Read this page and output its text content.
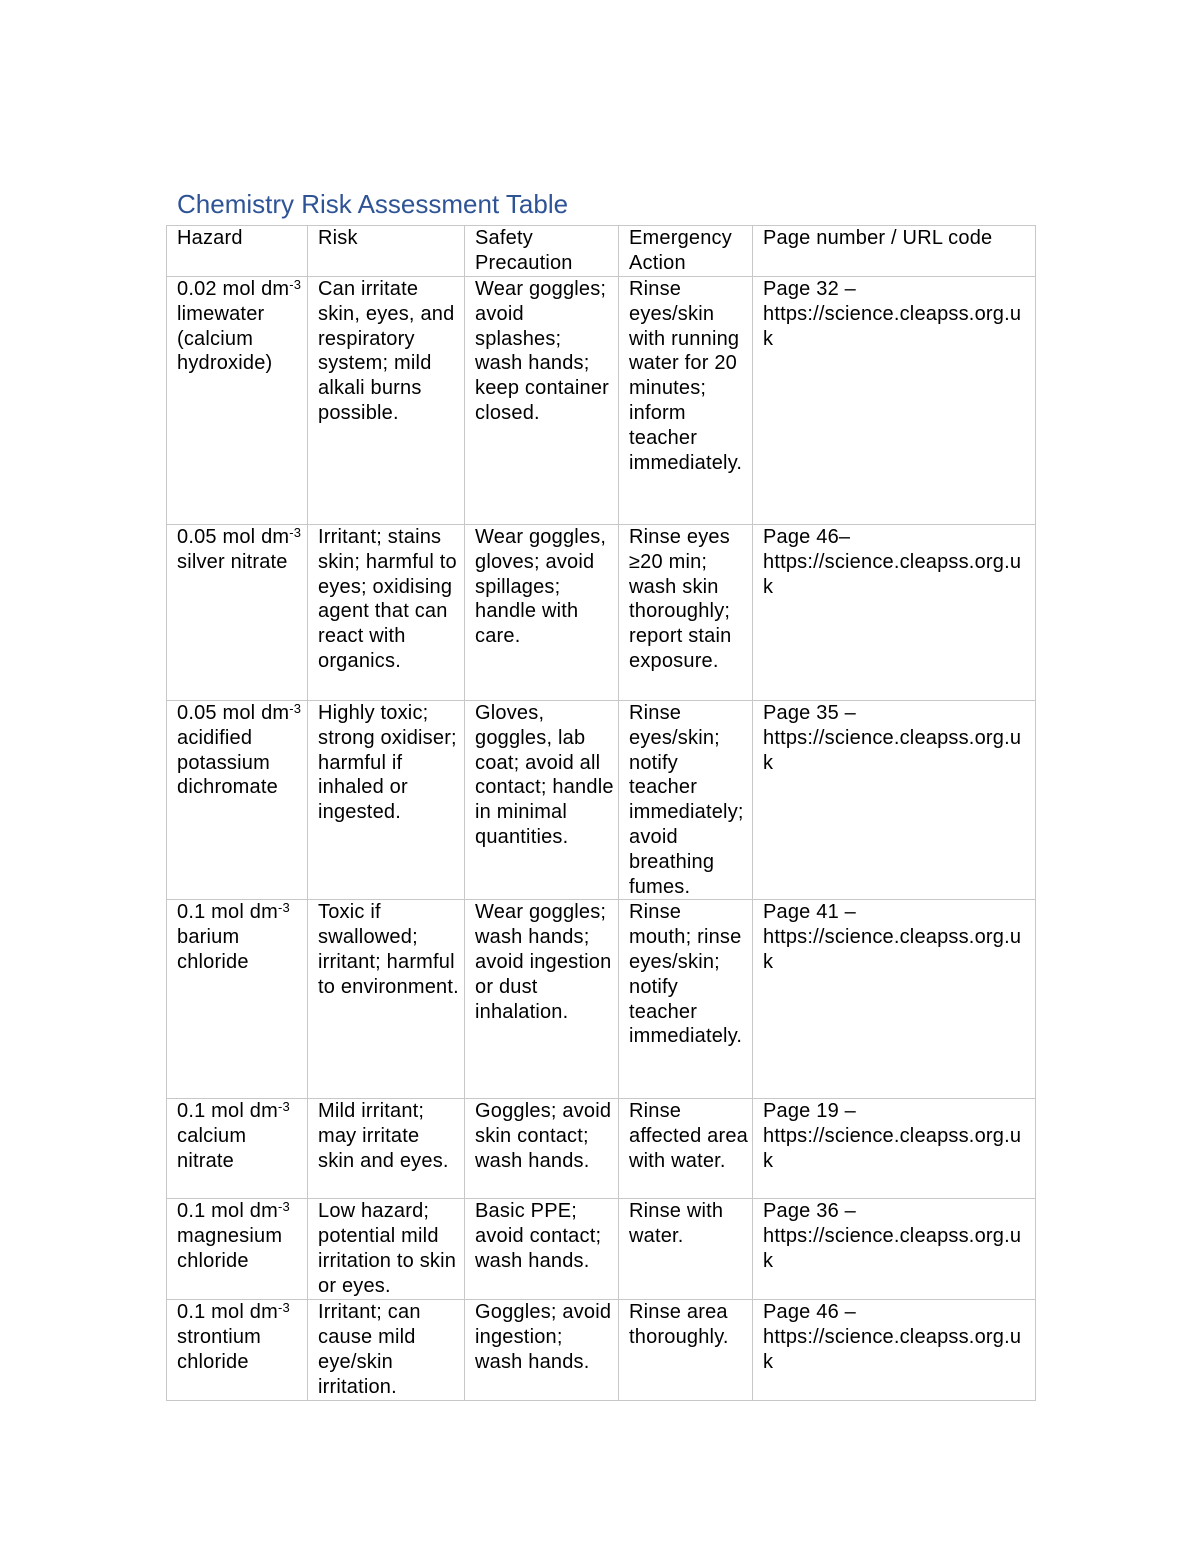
Chemistry Risk Assessment Table
Hazard	Risk	Safety Precaution	Emergency Action	Page number / URL code

0.02 mol $dm^{-3}$ limewater (calcium hydroxide)	Can irritate skin, eyes, and respiratory system; mild alkali burns possible.	Wear goggles; avoid splashes; wash hands; keep container closed.	Rinse eyes/skin with running water for 20 minutes; inform teacher immediately.	Page 32 – https://science.cleapss.org.uk

0.05 mol $dm^{-3}$ silver nitrate	Irritant; stains skin; harmful to eyes; oxidising agent that can react with organics.	Wear goggles, gloves; avoid spillages; handle with care.	Rinse eyes ≥20 min; wash skin thoroughly; report stain exposure.	Page 46– https://science.cleapss.org.uk

0.05 mol $dm^{-3}$ acidified potassium dichromate	Highly toxic; strong oxidiser; harmful if inhaled or ingested.	Gloves, goggles, lab coat; avoid all contact; handle in minimal quantities.	Rinse eyes/skin; notify teacher immediately; avoid breathing fumes.	Page 35 – https://science.cleapss.org.uk

0.1 mol $dm^{-3}$ barium chloride	Toxic if swallowed; irritant; harmful to environment.	Wear goggles; wash hands; avoid ingestion or dust inhalation.	Rinse mouth; rinse eyes/skin; notify teacher immediately.	Page 41 – https://science.cleapss.org.uk

0.1 mol $dm^{-3}$ calcium nitrate	Mild irritant; may irritate skin and eyes.	Goggles; avoid skin contact; wash hands.	Rinse affected area with water.	Page 19 – https://science.cleapss.org.uk

0.1 mol $dm^{-3}$ magnesium chloride	Low hazard; potential mild irritation to skin or eyes.	Basic PPE; avoid contact; wash hands.	Rinse with water.	Page 36 – https://science.cleapss.org.uk

0.1 mol $dm^{-3}$ strontium chloride	Irritant; can cause mild eye/skin irritation.	Goggles; avoid ingestion; wash hands.	Rinse area thoroughly.	Page 46 – https://science.cleapss.org.uk
